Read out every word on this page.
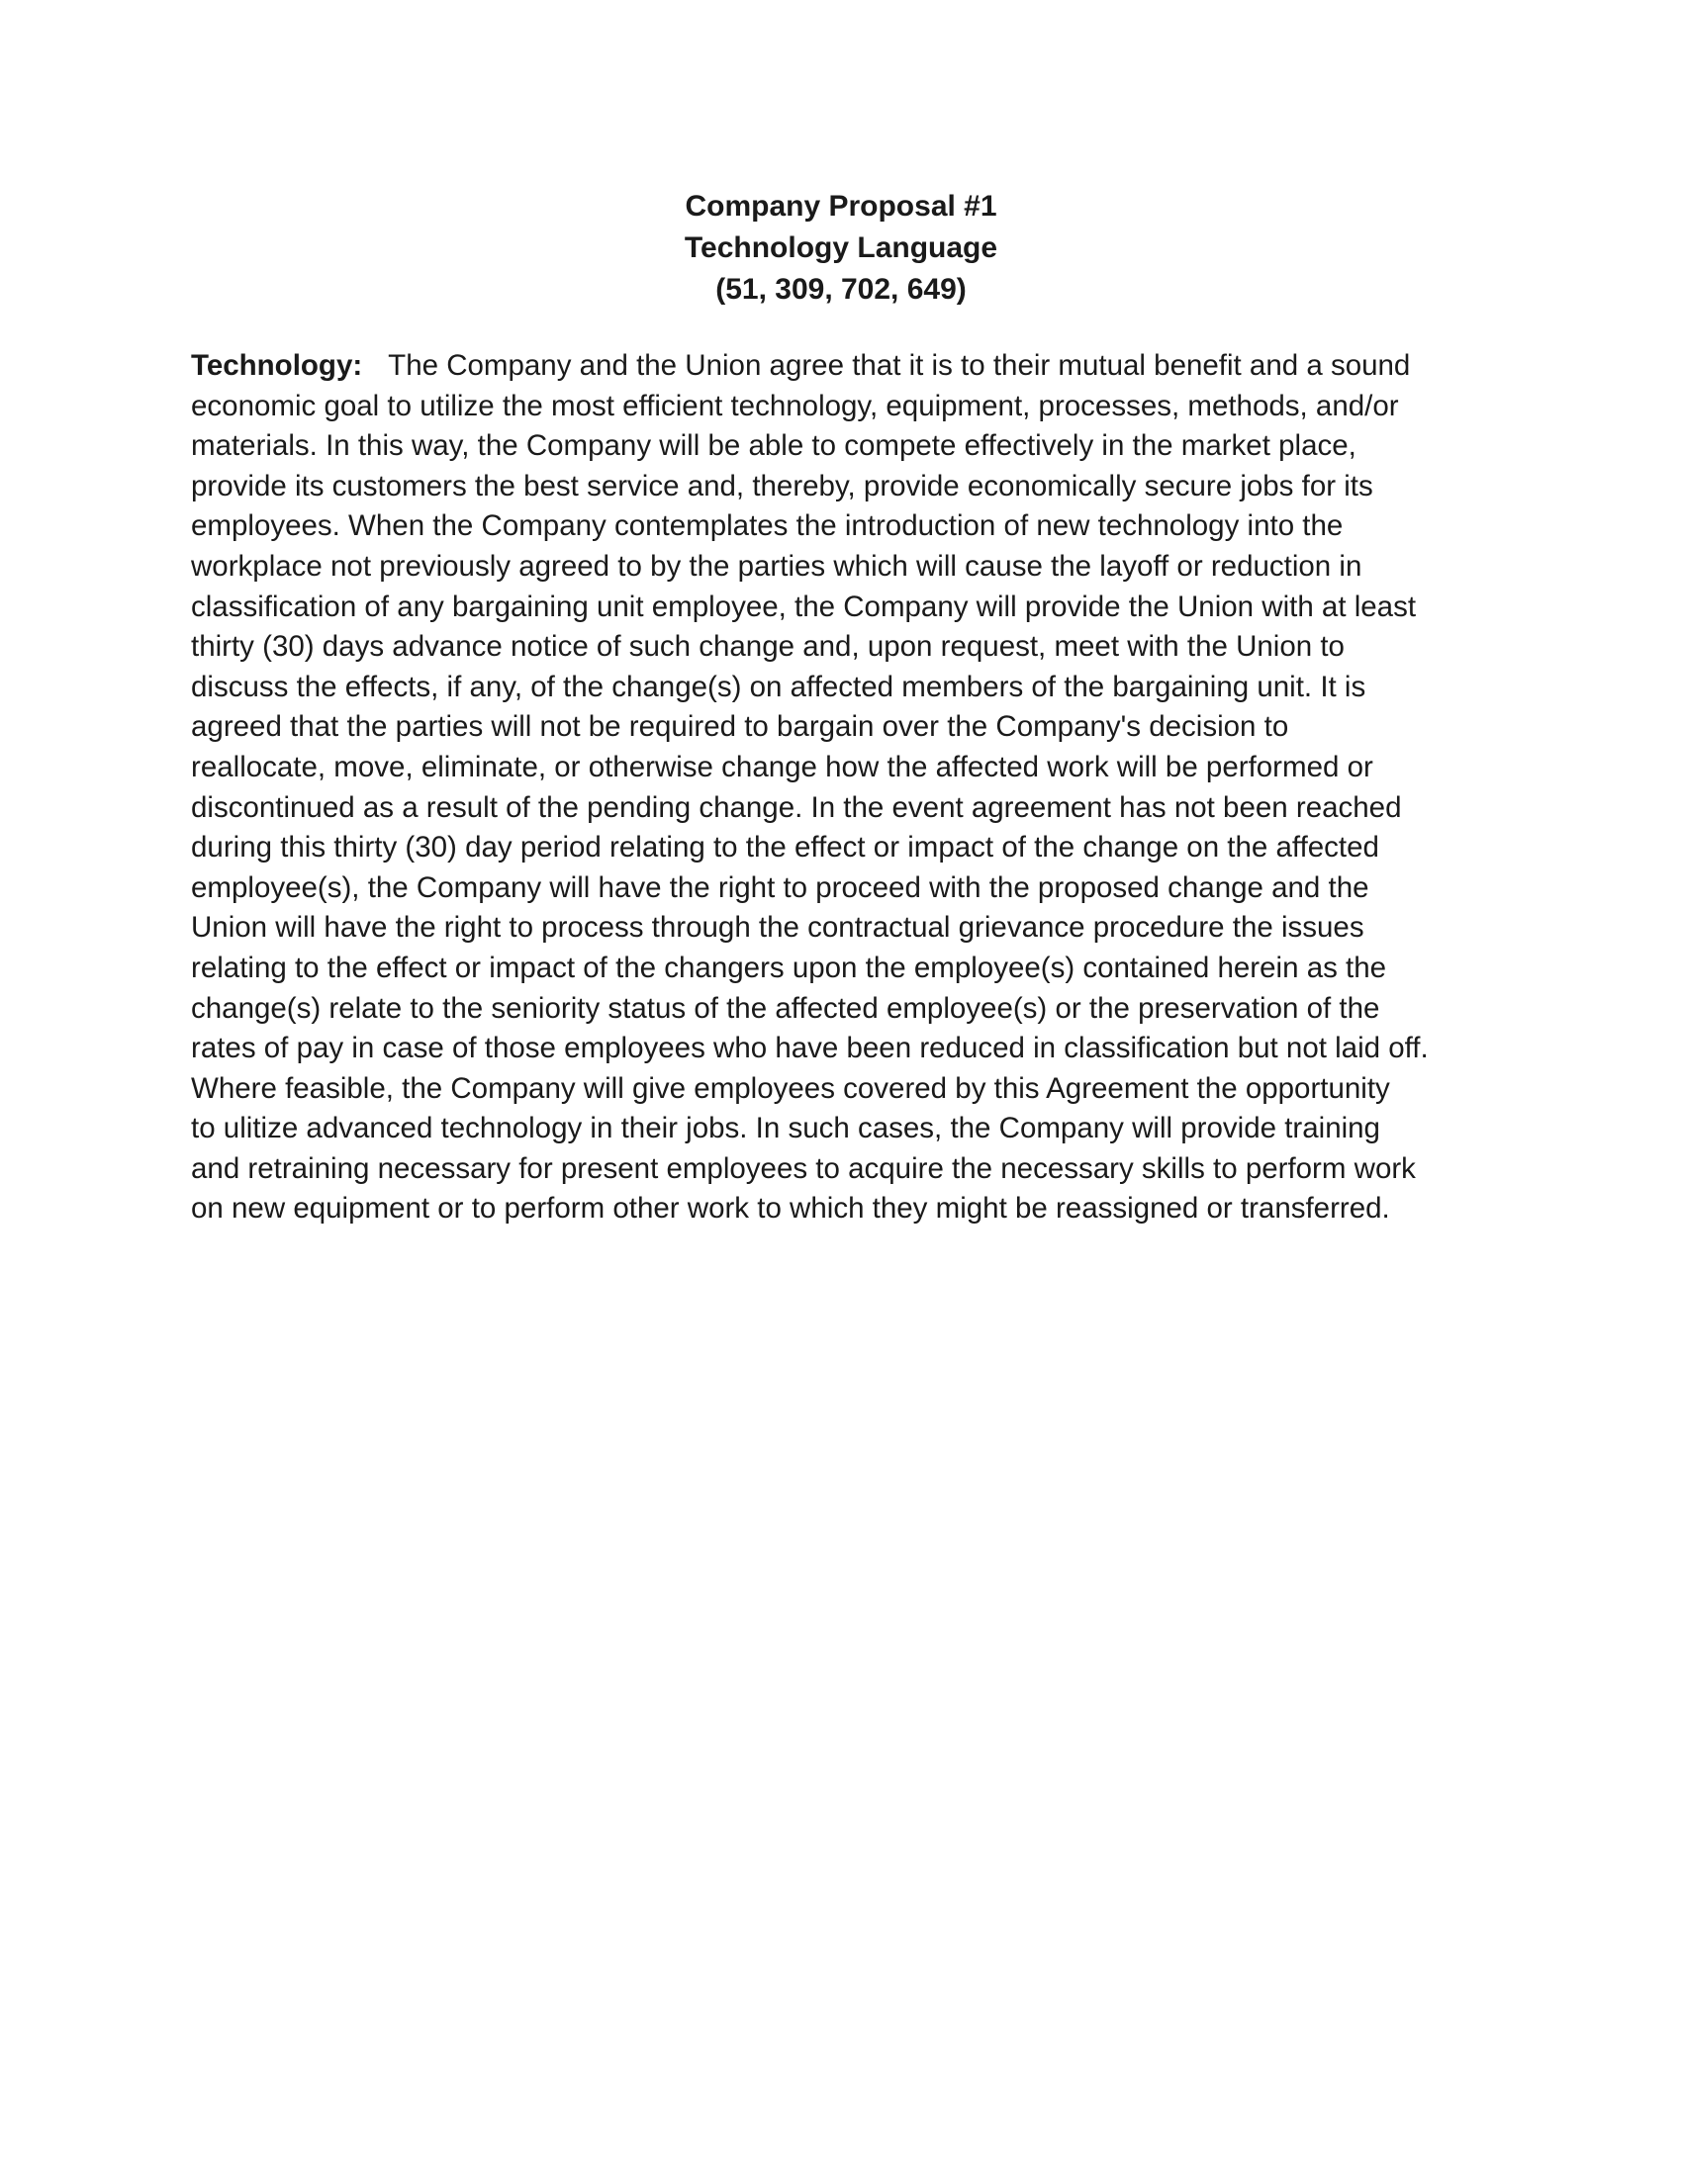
Company Proposal #1
Technology Language
(51, 309, 702, 649)
Technology: The Company and the Union agree that it is to their mutual benefit and a sound
economic goal to utilize the most efficient technology, equipment, processes, methods, and/or
materials. In this way, the Company will be able to compete effectively in the market place,
provide its customers the best service and, thereby, provide economically secure jobs for its
employees. When the Company contemplates the introduction of new technology into the
workplace not previously agreed to by the parties which will cause the layoff or reduction in
classification of any bargaining unit employee, the Company will provide the Union with at least
thirty (30) days advance notice of such change and, upon request, meet with the Union to
discuss the effects, if any, of the change(s) on affected members of the bargaining unit. It is
agreed that the parties will not be required to bargain over the Company's decision to
reallocate, move, eliminate, or otherwise change how the affected work will be performed or
discontinued as a result of the pending change. In the event agreement has not been reached
during this thirty (30) day period relating to the effect or impact of the change on the affected
employee(s), the Company will have the right to proceed with the proposed change and the
Union will have the right to process through the contractual grievance procedure the issues
relating to the effect or impact of the changers upon the employee(s) contained herein as the
change(s) relate to the seniority status of the affected employee(s) or the preservation of the
rates of pay in case of those employees who have been reduced in classification but not laid off.
Where feasible, the Company will give employees covered by this Agreement the opportunity
to ulitize advanced technology in their jobs. In such cases, the Company will provide training
and retraining necessary for present employees to acquire the necessary skills to perform work
on new equipment or to perform other work to which they might be reassigned or transferred.
